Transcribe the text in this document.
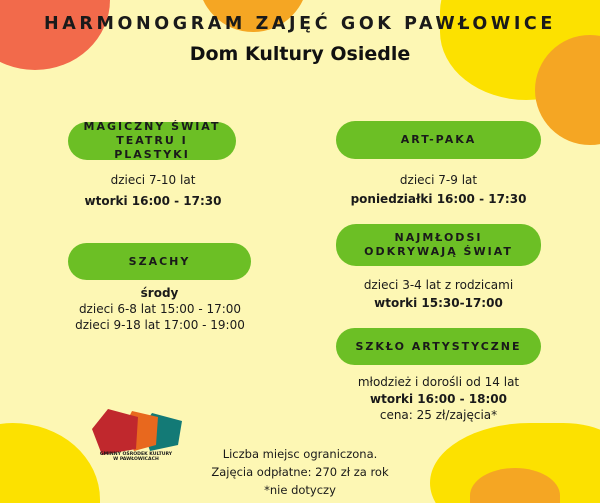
HARMONOGRAM ZAJĘĆ GOK PAWŁOWICE
Dom Kultury Osiedle
MAGICZNY ŚWIAT TEATRU I PLASTYKI
dzieci 7-10 lat
wtorki 16:00 - 17:30
SZACHY
środy
dzieci 6-8 lat 15:00 - 17:00
dzieci 9-18 lat 17:00 - 19:00
ART-PAKA
dzieci 7-9 lat
poniedziałki 16:00 - 17:30
NAJMŁODSI ODKRYWAJĄ ŚWIAT
dzieci 3-4 lat z rodzicami
wtorki 15:30-17:00
SZKŁO ARTYSTYCZNE
młodzież i dorośli od 14 lat
wtorki 16:00 - 18:00
cena: 25 zł/zajęcia*
GMINNY OŚRODEK KULTURY
W PAWŁOWICACH	Liczba miejsc ograniczona.
Zajęcia odpłatne: 270 zł za rok
*nie dotyczy
